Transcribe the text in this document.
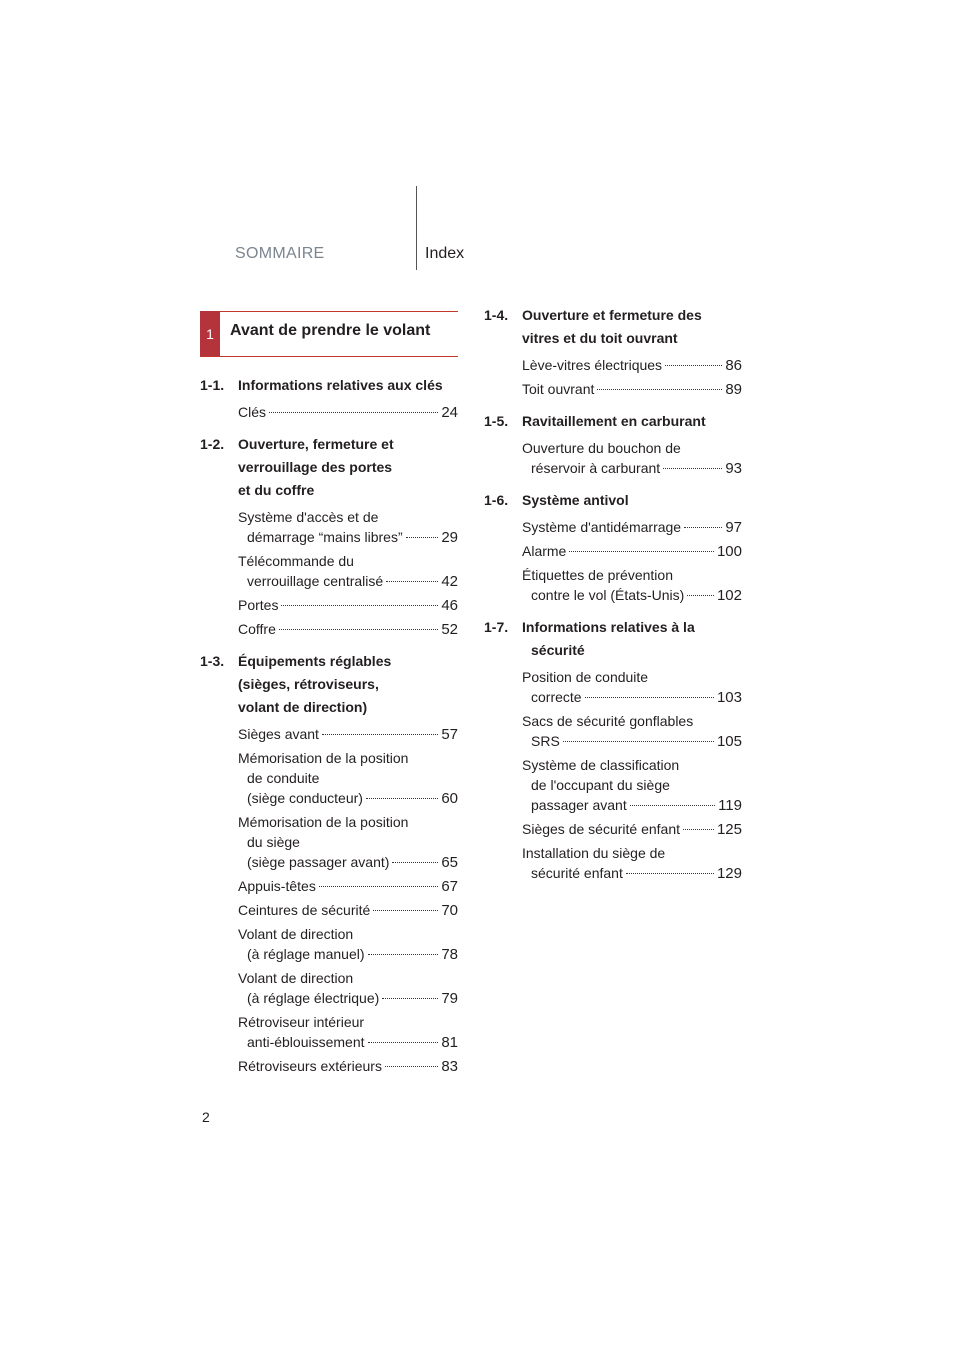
SOMMAIRE	Index
1	Avant de prendre le volant
1-1. Informations relatives aux clés
Clés	24
1-2. Ouverture, fermeture et
verrouillage des portes
et du coffre
Système d'accès et de
démarrage “mains libres”	29
Télécommande du
verrouillage centralisé	42
Portes	46
Coffre	52
1-3. Équipements réglables
(sièges, rétroviseurs,
volant de direction)
Sièges avant	57
Mémorisation de la position
de conduite
(siège conducteur)	60
Mémorisation de la position
du siège
(siège passager avant)	65
Appuis-têtes	67
Ceintures de sécurité	70
Volant de direction
(à réglage manuel)	78
Volant de direction
(à réglage électrique)	79
Rétroviseur intérieur
anti-éblouissement	81
Rétroviseurs extérieurs	83
1-4. Ouverture et fermeture des
vitres et du toit ouvrant
Lève-vitres électriques	86
Toit ouvrant	89
1-5. Ravitaillement en carburant
Ouverture du bouchon de
réservoir à carburant	93
1-6. Système antivol
Système d'antidémarrage	97
Alarme	100
Étiquettes de prévention
contre le vol (États-Unis) 102
1-7. Informations relatives à la sécurité
Position de conduite
correcte	103
Sacs de sécurité gonflables
SRS	105
Système de classification
de l'occupant du siège
passager avant	119
Sièges de sécurité enfant 125
Installation du siège de
sécurité enfant	129
2
